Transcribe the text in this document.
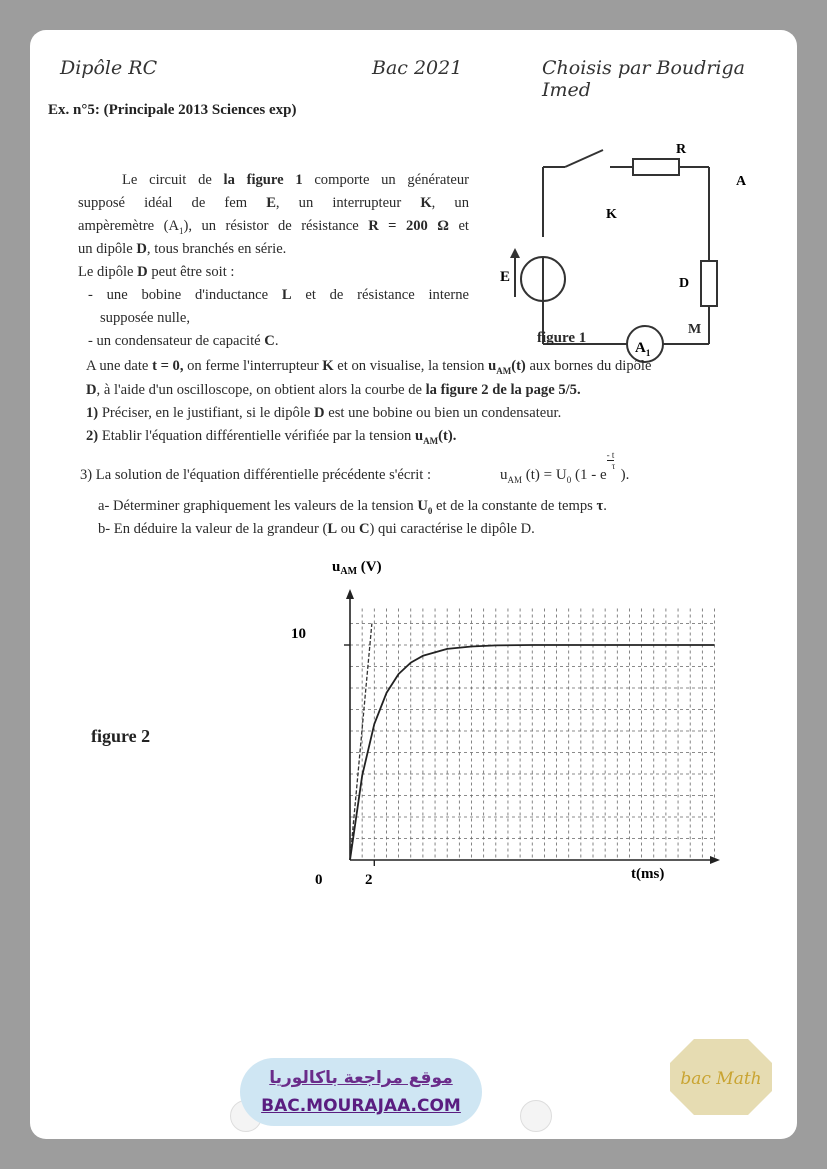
Dipôle RC	Bac 2021	Choisis par Boudriga Imed
Ex. n°5: (Principale 2013 Sciences exp)
Le circuit de la figure 1 comporte un générateur
supposé idéal de fem E, un interrupteur K, un
ampèremètre $(A_1)$, un résistor de résistance R = 200 Ω et
un dipôle D, tous branchés en série.
Le dipôle D peut être soit :
- une bobine d'inductance L et de résistance interne
supposée nulle,
- un condensateur de capacité C.
R
A
K
E	D
$A_1$
M
figure 1
A une date t = 0, on ferme l'interrupteur K et on visualise, la tension $u_{AM}(t)$ aux bornes du dipôle
D, à l'aide d'un oscilloscope, on obtient alors la courbe de la figure 2 de la page 5/5.
1) Préciser, en le justifiant, si le dipôle D est une bobine ou bien un condensateur.
2) Etablir l'équation différentielle vérifiée par la tension $u_{AM}(t)$.
3) La solution de l'équation différentielle précédente s'écrit :	$u_{AM}$ $(t) = U_0$ (1 - e $\frac{- t}{\tau}$ ).
a- Déterminer graphiquement les valeurs de la tension $U_0$ et de la constante de temps τ.
b- En déduire la valeur de la grandeur (L ou C) qui caractérise le dipôle D.
figure 2
$u_{AM}$ (V)
t(ms)
10
0	2
موقع مراجعة باكالوريا
BAC.MOURAJAA.COM
bac Math
